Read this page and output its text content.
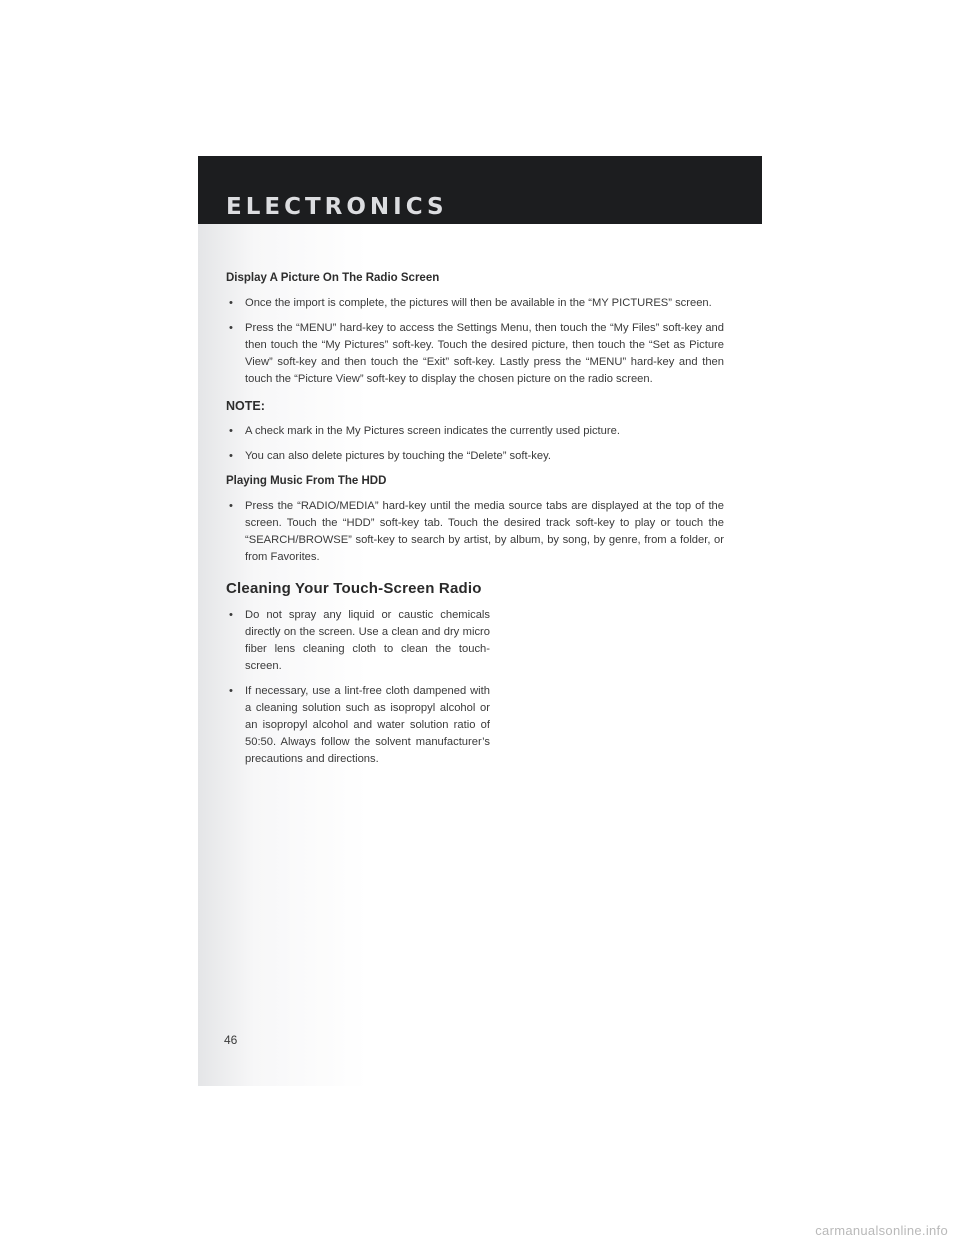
ELECTRONICS
Display A Picture On The Radio Screen
• Once the import is complete, the pictures will then be available in the “MY PICTURES” screen.
• Press the “MENU” hard-key to access the Settings Menu, then touch the “My Files” soft-key and then touch the “My Pictures” soft-key. Touch the desired picture, then touch the “Set as Picture View” soft-key and then touch the “Exit” soft-key. Lastly press the “MENU” hard-key and then touch the “Picture View” soft-key to display the chosen picture on the radio screen.
NOTE:
• A check mark in the My Pictures screen indicates the currently used picture.
• You can also delete pictures by touching the “Delete” soft-key.
Playing Music From The HDD
• Press the “RADIO/MEDIA” hard-key until the media source tabs are displayed at the top of the screen. Touch the “HDD” soft-key tab. Touch the desired track soft-key to play or touch the “SEARCH/BROWSE” soft-key to search by artist, by album, by song, by genre, from a folder, or from Favorites.
Cleaning Your Touch-Screen Radio
• Do not spray any liquid or caustic chemicals directly on the screen. Use a clean and dry micro fiber lens cleaning cloth to clean the touch-screen.
• If necessary, use a lint-free cloth dampened with a cleaning solution such as isopropyl alcohol or an isopropyl alcohol and water solution ratio of 50:50. Always follow the solvent manufacturer’s precautions and directions.
46
carmanualsonline.info
